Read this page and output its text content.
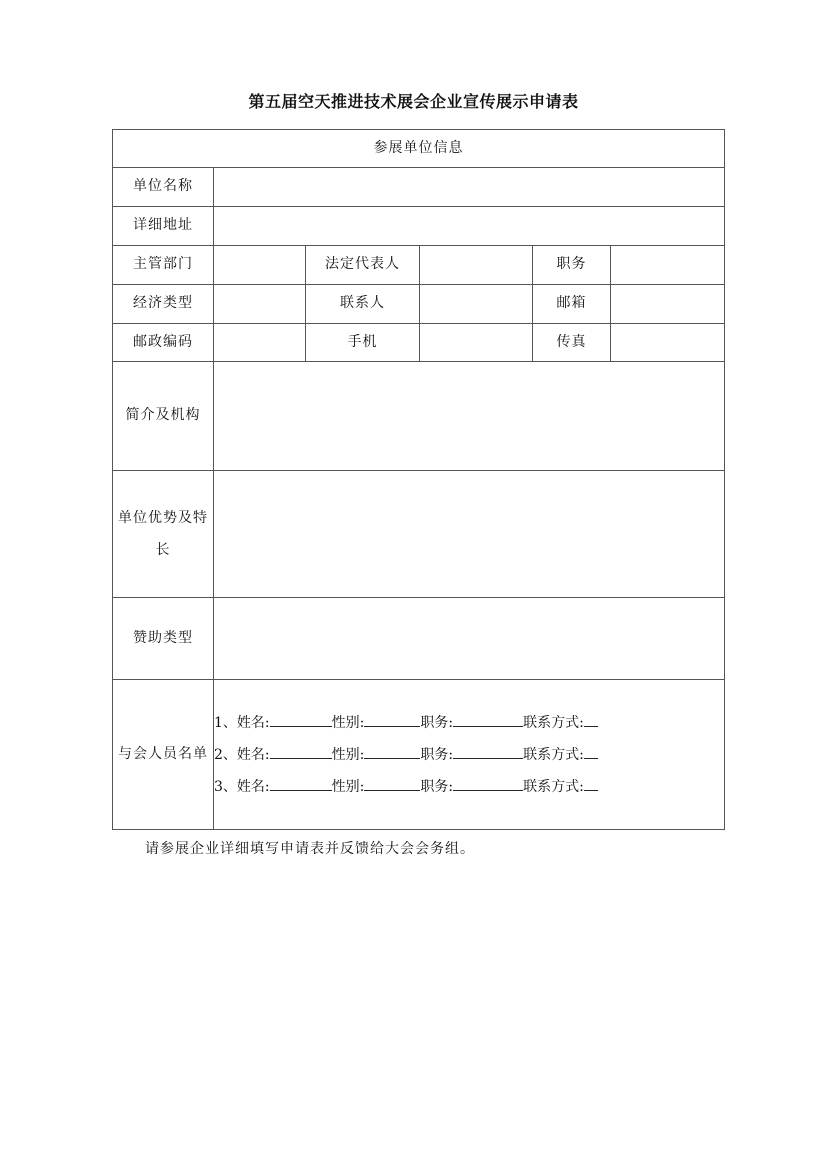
第五届空天推进技术展会企业宣传展示申请表
参展单位信息					
单位名称					
详细地址					
主管部门		法定代表人		职务	
经济类型		联系人		邮箱	
邮政编码		手机		传真	
简介及机构					
单位优势及特长					
赞助类型					
与会人员名单	1、姓名: 性别: 职务: 联系方式:
2、姓名: 性别: 职务: 联系方式:
3、姓名: 性别: 职务: 联系方式:				
请参展企业详细填写申请表并反馈给大会会务组。
